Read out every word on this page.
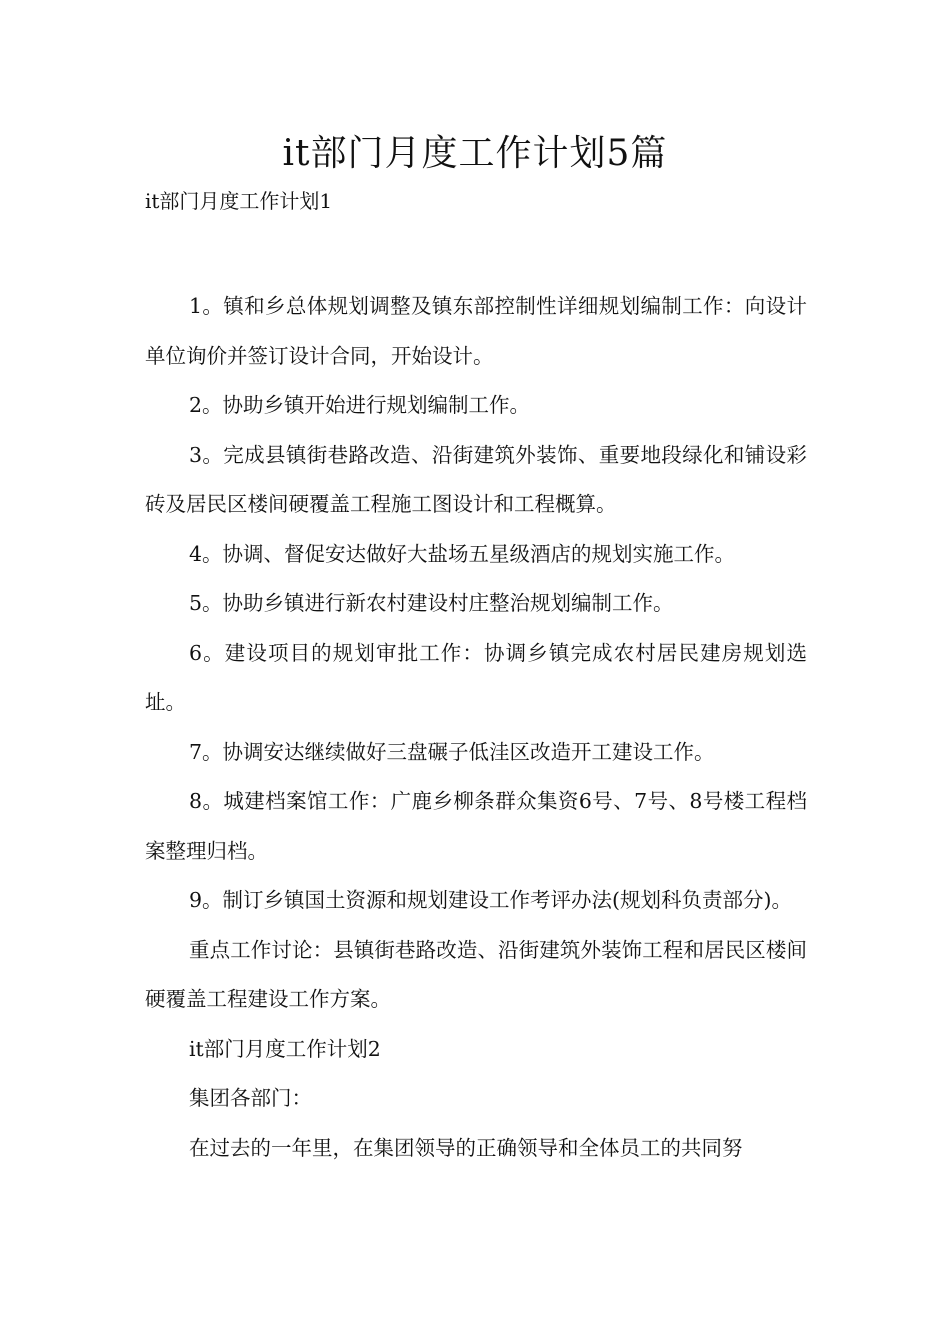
it部门月度工作计划5篇

it部门月度工作计划1

1。镇和乡总体规划调整及镇东部控制性详细规划编制工作：向设计单位询价并签订设计合同，开始设计。

2。协助乡镇开始进行规划编制工作。

3。完成县镇街巷路改造、沿街建筑外装饰、重要地段绿化和铺设彩砖及居民区楼间硬覆盖工程施工图设计和工程概算。

4。协调、督促安达做好大盐场五星级酒店的规划实施工作。

5。协助乡镇进行新农村建设村庄整治规划编制工作。

6。建设项目的规划审批工作：协调乡镇完成农村居民建房规划选址。

7。协调安达继续做好三盘碾子低洼区改造开工建设工作。

8。城建档案馆工作：广鹿乡柳条群众集资6号、7号、8号楼工程档案整理归档。

9。制订乡镇国土资源和规划建设工作考评办法(规划科负责部分)。

重点工作讨论：县镇街巷路改造、沿街建筑外装饰工程和居民区楼间硬覆盖工程建设工作方案。

it部门月度工作计划2

集团各部门：

在过去的一年里，在集团领导的正确领导和全体员工的共同努
